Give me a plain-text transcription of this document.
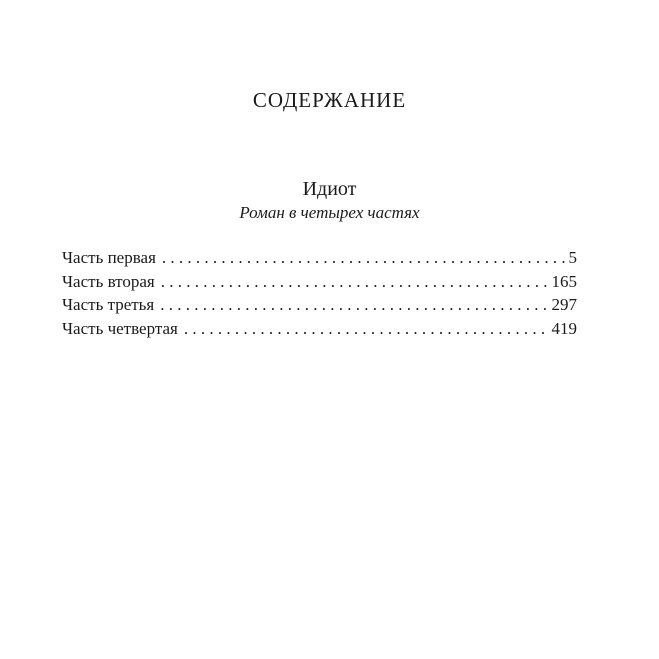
СОДЕРЖАНИЕ
Идиот
Роман в четырех частях
Часть первая . . .	5
Часть вторая . . .	165
Часть третья . . .	297
Часть четвертая . . .	419
